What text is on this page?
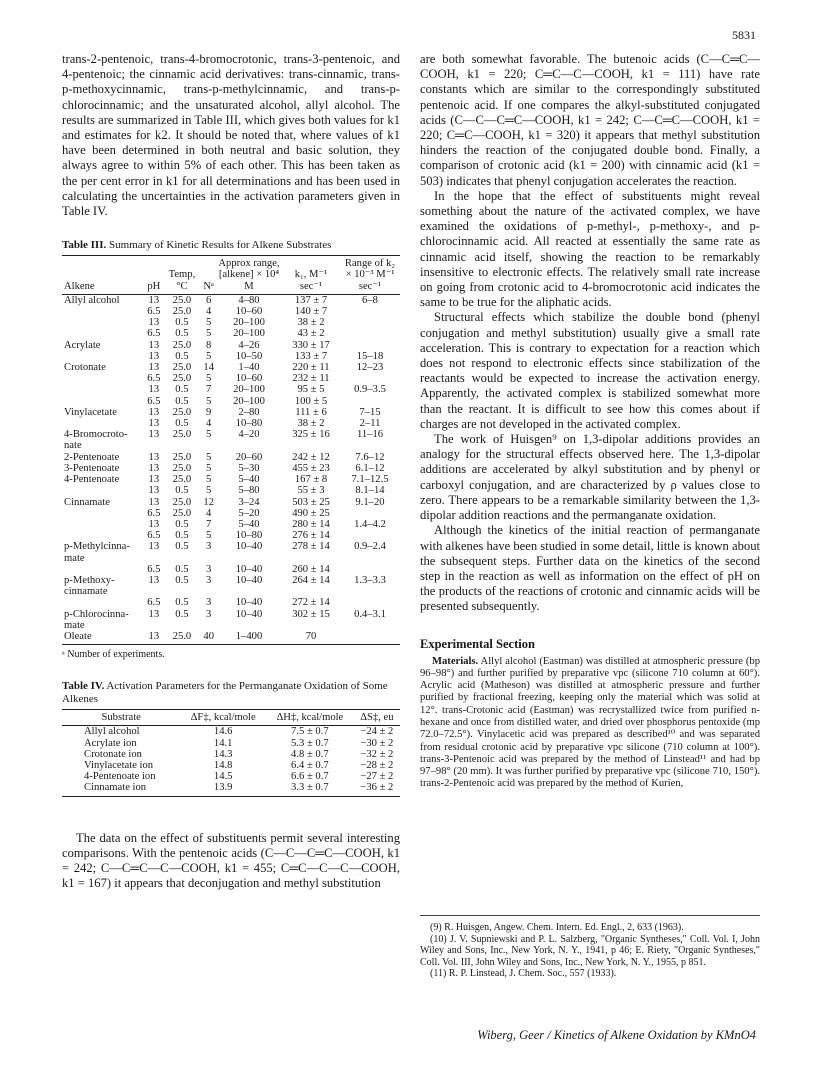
5831

trans-2-pentenoic, trans-4-bromocrotonic, trans-3-pentenoic, and 4-pentenoic; the cinnamic acid derivatives: trans-cinnamic, trans-p-methoxycinnamic, trans-p-methylcinnamic, and trans-p-chlorocinnamic; and the unsaturated alcohol, allyl alcohol. The results are summarized in Table III, which gives both values for k1 and estimates for k2. It should be noted that, where values of k1 have been determined in both neutral and basic solution, they always agree to within 5% of each other. This has been taken as the per cent error in k1 for all determinations and has been used in calculating the uncertainties in the activation parameters given in Table IV.

Table III. Summary of Kinetic Results for Alkene Substrates

Alkene	pH	Temp, °C	Nᵃ	Approx range, [alkene] × 10⁴ M	k₁, M⁻¹ sec⁻¹	Range of k₂ × 10⁻³ M⁻¹ sec⁻¹
Allyl alcohol	13	25.0	6	4–80	137 ± 7	6–8
	6.5	25.0	4	10–60	140 ± 7	
	13	0.5	5	20–100	38 ± 2	
	6.5	0.5	5	20–100	43 ± 2	
Acrylate	13	25.0	8	4–26	330 ± 17	
	13	0.5	5	10–50	133 ± 7	15–18
Crotonate	13	25.0	14	1–40	220 ± 11	12–23
	6.5	25.0	5	10–60	232 ± 11	
	13	0.5	7	20–100	95 ± 5	0.9–3.5
	6.5	0.5	5	20–100	100 ± 5	
Vinylacetate	13	25.0	9	2–80	111 ± 6	7–15
	13	0.5	4	10–80	38 ± 2	2–11
4-Bromocroto-nate	13	25.0	5	4–20	325 ± 16	11–16
2-Pentenoate	13	25.0	5	20–60	242 ± 12	7.6–12
3-Pentenoate	13	25.0	5	5–30	455 ± 23	6.1–12
4-Pentenoate	13	25.0	5	5–40	167 ± 8	7.1–12.5
	13	0.5	5	5–80	55 ± 3	8.1–14
Cinnamate	13	25.0	12	3–24	503 ± 25	9.1–20
	6.5	25.0	4	5–20	490 ± 25	
	13	0.5	7	5–40	280 ± 14	1.4–4.2
	6.5	0.5	5	10–80	276 ± 14	
p-Methylcinna-mate	13	0.5	3	10–40	278 ± 14	0.9–2.4
	6.5	0.5	3	10–40	260 ± 14	
p-Methoxy-cinnamate	13	0.5	3	10–40	264 ± 14	1.3–3.3
	6.5	0.5	3	10–40	272 ± 14	
p-Chlorocinna-mate	13	0.5	3	10–40	302 ± 15	0.4–3.1
Oleate	13	25.0	40	1–400	70	
ᵃ Number of experiments.

Table IV. Activation Parameters for the Permanganate Oxidation of Some Alkenes

Substrate	ΔF‡, kcal/mole	ΔH‡, kcal/mole	ΔS‡, eu
Allyl alcohol	14.6	7.5 ± 0.7	−24 ± 2
Acrylate ion	14.1	5.3 ± 0.7	−30 ± 2
Crotonate ion	14.3	4.8 ± 0.7	−32 ± 2
Vinylacetate ion	14.8	6.4 ± 0.7	−28 ± 2
4-Pentenoate ion	14.5	6.6 ± 0.7	−27 ± 2
Cinnamate ion	13.9	3.3 ± 0.7	−36 ± 2

The data on the effect of substituents permit several interesting comparisons. With the pentenoic acids (C—C—C═C—COOH, k1 = 242; C—C═C—C—COOH, k1 = 455; C═C—C—C—COOH, k1 = 167) it appears that deconjugation and methyl substitution

are both somewhat favorable. The butenoic acids (C—C═C—COOH, k1 = 220; C═C—C—COOH, k1 = 111) have rate constants which are similar to the correspondingly substituted pentenoic acid. If one compares the alkyl-substituted conjugated acids (C—C—C═C—COOH, k1 = 242; C—C═C—COOH, k1 = 220; C═C—COOH, k1 = 320) it appears that methyl substitution hinders the reaction of the conjugated double bond. Finally, a comparison of crotonic acid (k1 = 200) with cinnamic acid (k1 = 503) indicates that phenyl conjugation accelerates the reaction.

In the hope that the effect of substituents might reveal something about the nature of the activated complex, we have examined the oxidations of p-methyl-, p-methoxy-, and p-chlorocinnamic acid. All reacted at essentially the same rate as cinnamic acid itself, showing the reaction to be remarkably insensitive to electronic effects. The relatively small rate increase on going from crotonic acid to 4-bromocrotonic acid indicates the same to be true for the aliphatic acids.

Structural effects which stabilize the double bond (phenyl conjugation and methyl substitution) usually give a small rate acceleration. This is contrary to expectation for a reaction which does not respond to electronic effects since stabilization of the reactants would be expected to increase the activation energy. Apparently, the activated complex is stabilized somewhat more than the reactant. It is difficult to see how this comes about if charges are not developed in the activated complex.

The work of Huisgen⁹ on 1,3-dipolar additions provides an analogy for the structural effects observed here. The 1,3-dipolar additions are accelerated by alkyl substitution and by phenyl or carboxyl conjugation, and are characterized by ρ values close to zero. There appears to be a remarkable similarity between the 1,3-dipolar addition reactions and the permanganate oxidation.

Although the kinetics of the initial reaction of permanganate with alkenes have been studied in some detail, little is known about the subsequent steps. Further data on the kinetics of the second step in the reaction as well as information on the effect of pH on the products of the reactions of crotonic and cinnamic acids will be presented subsequently.

Experimental Section

Materials. Allyl alcohol (Eastman) was distilled at atmospheric pressure (bp 96–98°) and further purified by preparative vpc (silicone 710 column at 60°). Acrylic acid (Matheson) was distilled at atmospheric pressure and further purified by fractional freezing, keeping only the material which was solid at 12°. trans-Crotonic acid (Eastman) was recrystallized twice from purified n-hexane and once from distilled water, and dried over phosphorus pentoxide (mp 72.0–72.5°). Vinylacetic acid was prepared as described¹⁰ and was separated from residual crotonic acid by preparative vpc silicone (710 column at 100°). trans-3-Pentenoic acid was prepared by the method of Linstead¹¹ and had bp 97–98° (20 mm). It was further purified by preparative vpc (silicone 710, 150°). trans-2-Pentenoic acid was prepared by the method of Kurien,

(9) R. Huisgen, Angew. Chem. Intern. Ed. Engl., 2, 633 (1963).

(10) J. V. Supniewski and P. L. Salzberg, "Organic Syntheses," Coll. Vol. I, John Wiley and Sons, Inc., New York, N. Y., 1941, p 46; E. Riety, "Organic Syntheses," Coll. Vol. III, John Wiley and Sons, Inc., New York, N. Y., 1955, p 851.

(11) R. P. Linstead, J. Chem. Soc., 557 (1933).

Wiberg, Geer / Kinetics of Alkene Oxidation by KMnO4
